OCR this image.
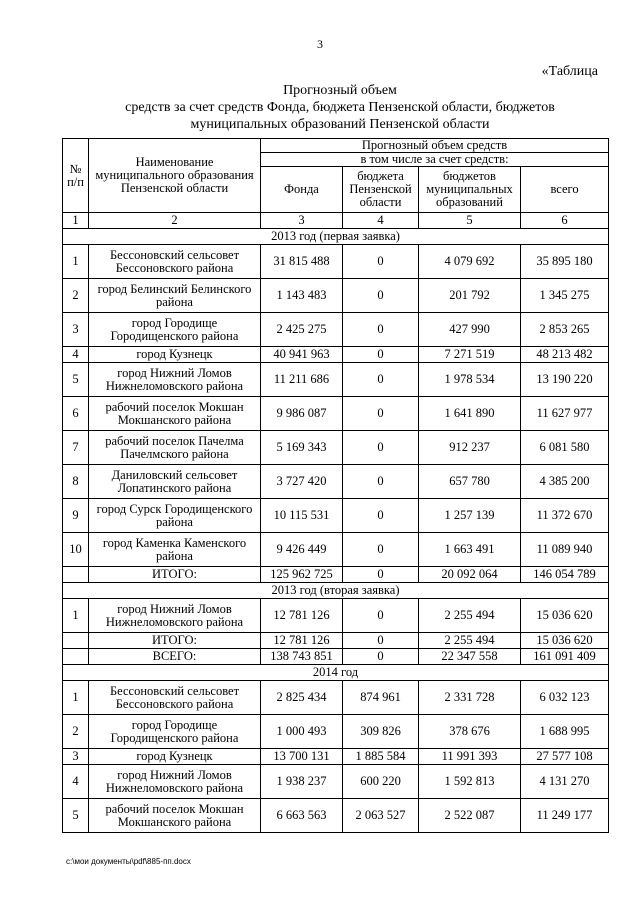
3
«Таблица
Прогнозный объем
средств за счет средств Фонда, бюджета Пензенской области, бюджетов
муниципальных образований Пензенской области
№ п/п	Наименование муниципального образования Пензенской области	Прогнозный объем средств			
		в том числе за счет средств:			
		Фонда	бюджета Пензенской области	бюджетов муниципальных образований	всего
1	2	3	4	5	6
2013 год (первая заявка)					
1	Бессоновский сельсовет Бессоновского района	31 815 488	0	4 079 692	35 895 180
2	город Белинский Белинского района	1 143 483	0	201 792	1 345 275
3	город Городище Городищенского района	2 425 275	0	427 990	2 853 265
4	город Кузнецк	40 941 963	0	7 271 519	48 213 482
5	город Нижний Ломов Нижнеломовского района	11 211 686	0	1 978 534	13 190 220
6	рабочий поселок Мокшан Мокшанского района	9 986 087	0	1 641 890	11 627 977
7	рабочий поселок Пачелма Пачелмского района	5 169 343	0	912 237	6 081 580
8	Даниловский сельсовет Лопатинского района	3 727 420	0	657 780	4 385 200
9	город Сурск Городищенского района	10 115 531	0	1 257 139	11 372 670
10	город Каменка Каменского района	9 426 449	0	1 663 491	11 089 940
	ИТОГО:	125 962 725	0	20 092 064	146 054 789
2013 год (вторая заявка)					
1	город Нижний Ломов Нижнеломовского района	12 781 126	0	2 255 494	15 036 620
	ИТОГО:	12 781 126	0	2 255 494	15 036 620
	ВСЕГО:	138 743 851	0	22 347 558	161 091 409
2014 год					
1	Бессоновский сельсовет Бессоновского района	2 825 434	874 961	2 331 728	6 032 123
2	город Городище Городищенского района	1 000 493	309 826	378 676	1 688 995
3	город Кузнецк	13 700 131	1 885 584	11 991 393	27 577 108
4	город Нижний Ломов Нижнеломовского района	1 938 237	600 220	1 592 813	4 131 270
5	рабочий поселок Мокшан Мокшанского района	6 663 563	2 063 527	2 522 087	11 249 177
c:\мои документы\pdf\885-пп.docx
